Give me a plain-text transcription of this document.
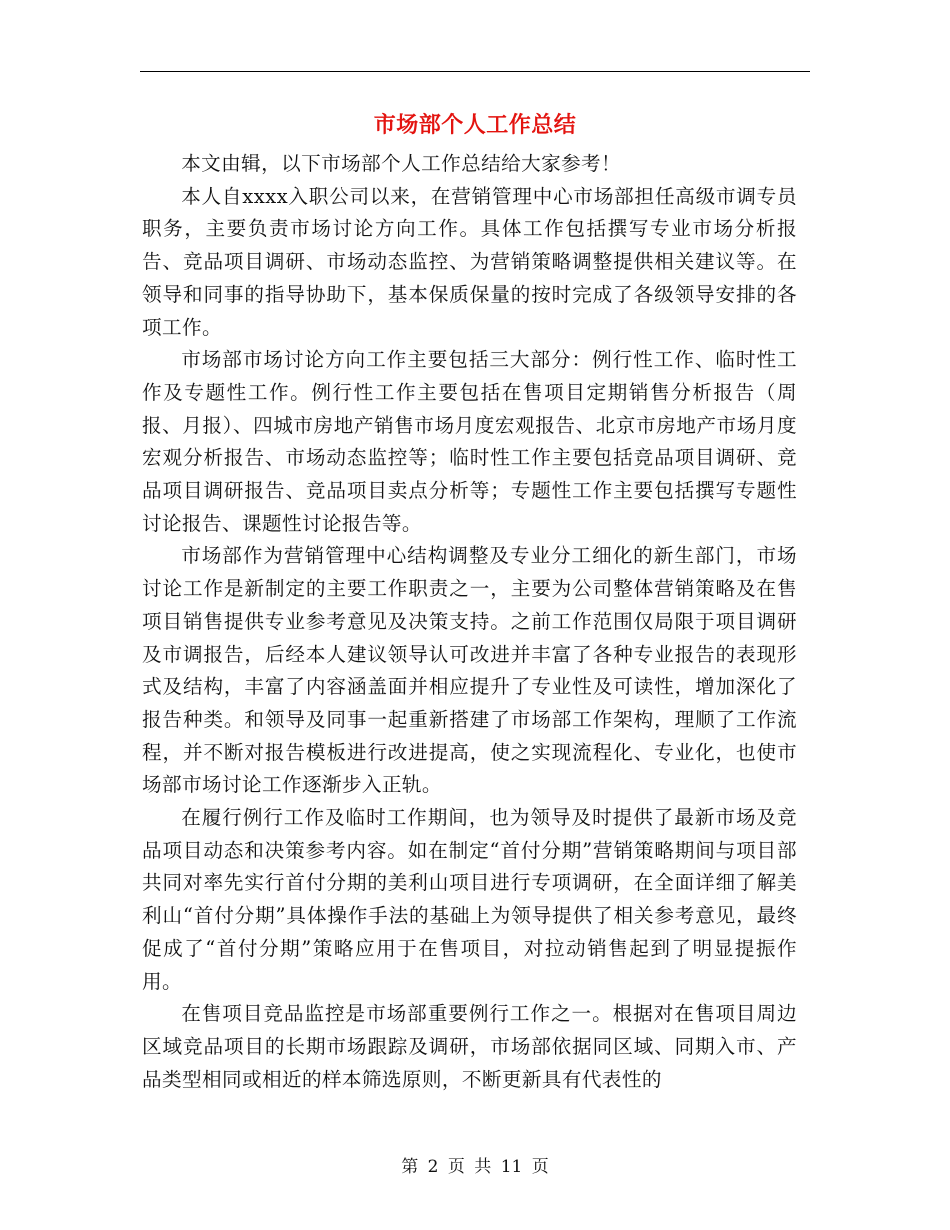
市场部个人工作总结

本文由辑，以下市场部个人工作总结给大家参考！

本人自xxxx入职公司以来，在营销管理中心市场部担任高级市调专员职务，主要负责市场讨论方向工作。具体工作包括撰写专业市场分析报告、竞品项目调研、市场动态监控、为营销策略调整提供相关建议等。在领导和同事的指导协助下，基本保质保量的按时完成了各级领导安排的各项工作。

市场部市场讨论方向工作主要包括三大部分：例行性工作、临时性工作及专题性工作。例行性工作主要包括在售项目定期销售分析报告（周报、月报）、四城市房地产销售市场月度宏观报告、北京市房地产市场月度宏观分析报告、市场动态监控等；临时性工作主要包括竞品项目调研、竞品项目调研报告、竞品项目卖点分析等；专题性工作主要包括撰写专题性讨论报告、课题性讨论报告等。

市场部作为营销管理中心结构调整及专业分工细化的新生部门，市场讨论工作是新制定的主要工作职责之一，主要为公司整体营销策略及在售项目销售提供专业参考意见及决策支持。之前工作范围仅局限于项目调研及市调报告，后经本人建议领导认可改进并丰富了各种专业报告的表现形式及结构，丰富了内容涵盖面并相应提升了专业性及可读性，增加深化了报告种类。和领导及同事一起重新搭建了市场部工作架构，理顺了工作流程，并不断对报告模板进行改进提高，使之实现流程化、专业化，也使市场部市场讨论工作逐渐步入正轨。

在履行例行工作及临时工作期间，也为领导及时提供了最新市场及竞品项目动态和决策参考内容。如在制定“首付分期”营销策略期间与项目部共同对率先实行首付分期的美利山项目进行专项调研，在全面详细了解美利山“首付分期”具体操作手法的基础上为领导提供了相关参考意见，最终促成了“首付分期”策略应用于在售项目，对拉动销售起到了明显提振作用。

在售项目竞品监控是市场部重要例行工作之一。根据对在售项目周边区域竞品项目的长期市场跟踪及调研，市场部依据同区域、同期入市、产品类型相同或相近的样本筛选原则，不断更新具有代表性的

第 2 页 共 11 页
